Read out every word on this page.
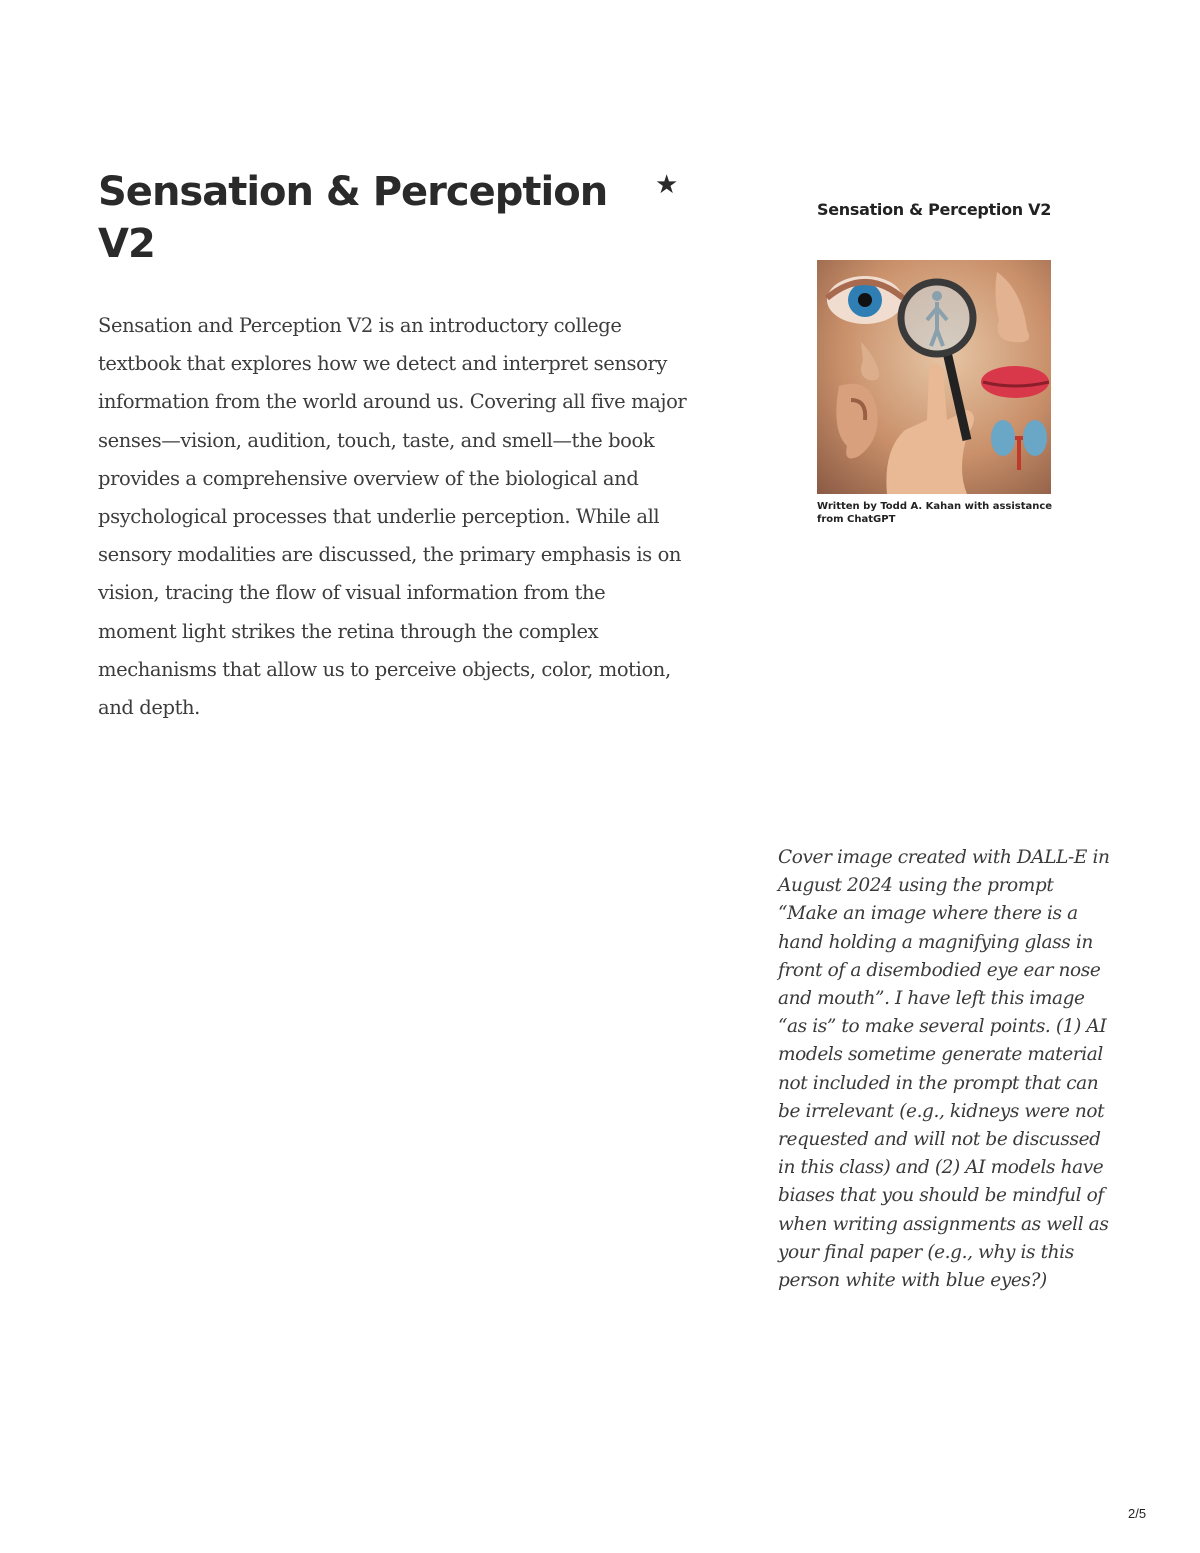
Sensation & Perception V2
★

Sensation and Perception V2 is an introductory college textbook that explores how we detect and interpret sensory information from the world around us. Covering all five major senses—vision, audition, touch, taste, and smell—the book provides a comprehensive overview of the biological and psychological processes that underlie perception. While all sensory modalities are discussed, the primary emphasis is on vision, tracing the flow of visual information from the moment light strikes the retina through the complex mechanisms that allow us to perceive objects, color, motion, and depth.

Sensation & Perception V2
Written by Todd A. Kahan with assistance from ChatGPT

Cover image created with DALL-E in August 2024 using the prompt “Make an image where there is a hand holding a magnifying glass in front of a disembodied eye ear nose and mouth”. I have left this image “as is” to make several points. (1) AI models sometime generate material not included in the prompt that can be irrelevant (e.g., kidneys were not requested and will not be discussed in this class) and (2) AI models have biases that you should be mindful of when writing assignments as well as your final paper (e.g., why is this person white with blue eyes?)

2/5
